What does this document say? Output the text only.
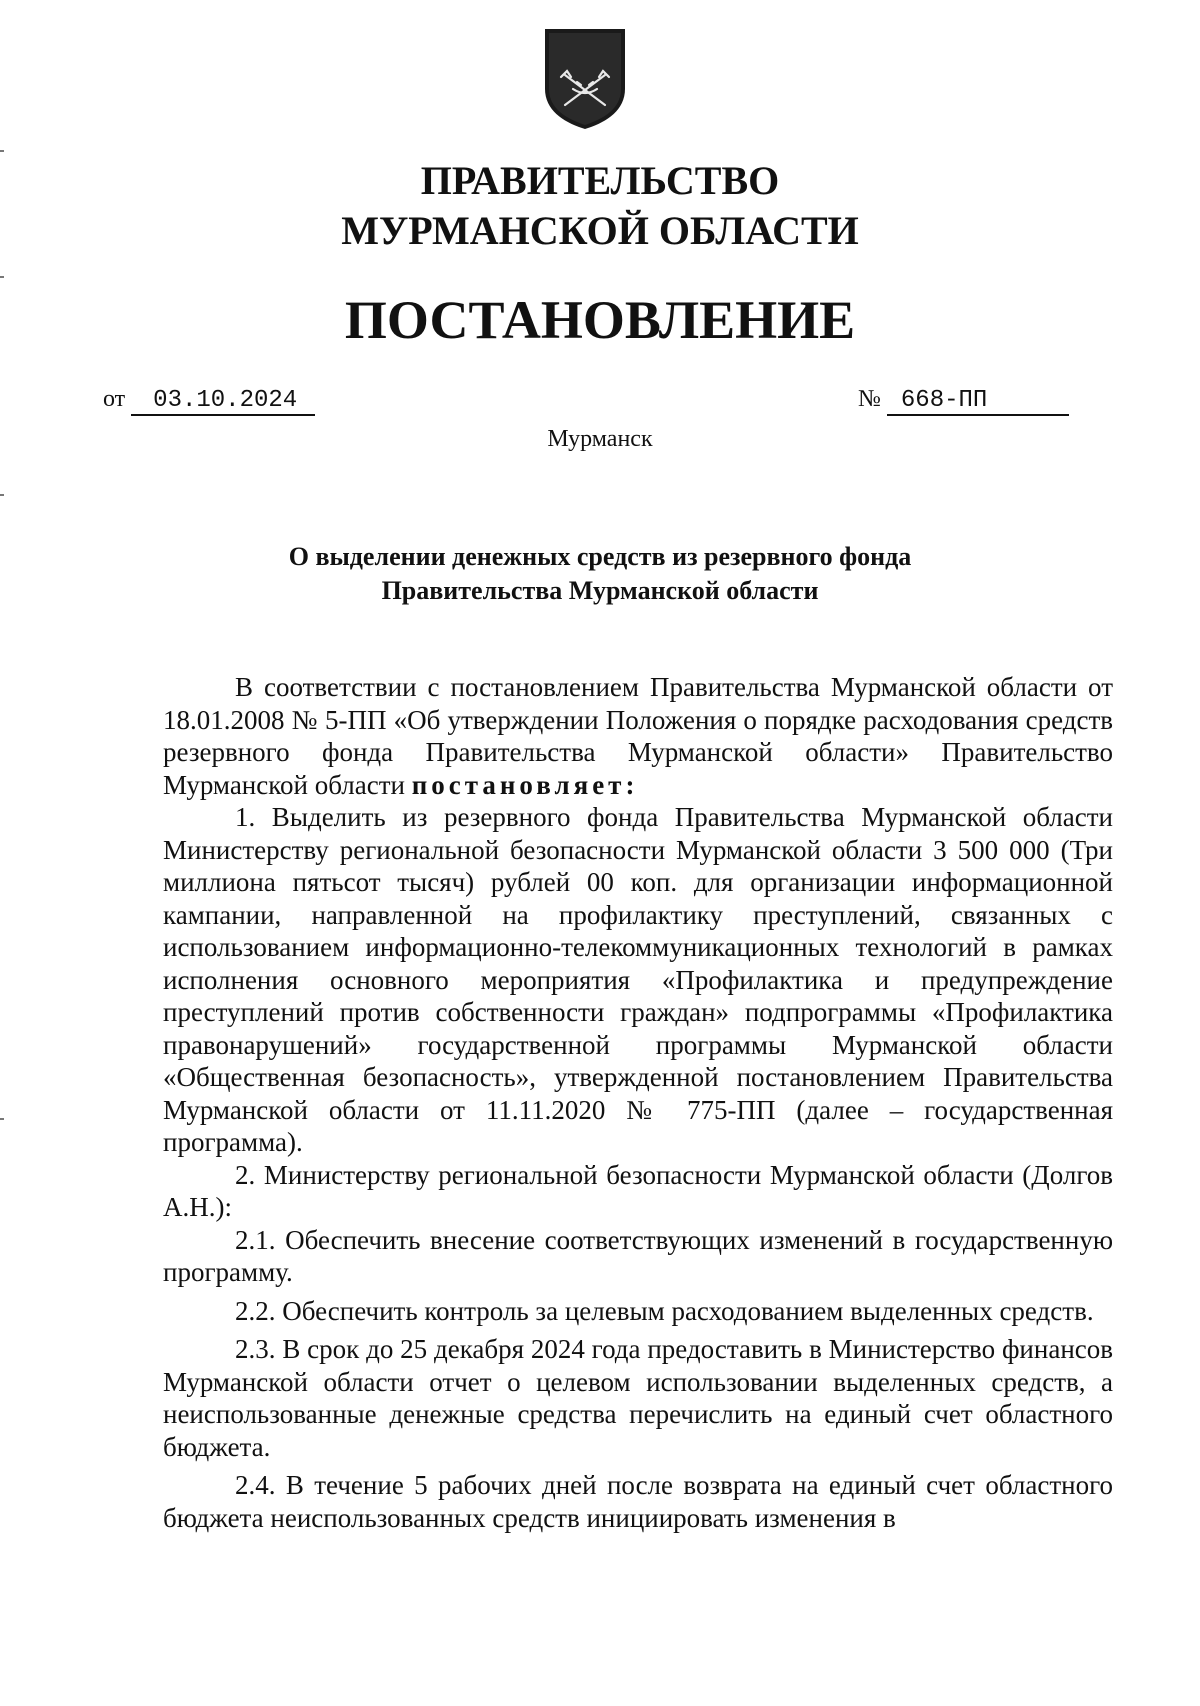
ПРАВИТЕЛЬСТВО
МУРМАНСКОЙ ОБЛАСТИ
ПОСТАНОВЛЕНИЕ
от 03.10.2024	№ 668-ПП
Мурманск
О выделении денежных средств из резервного фонда
Правительства Мурманской области

В соответствии с постановлением Правительства Мурманской области от 18.01.2008 № 5-ПП «Об утверждении Положения о порядке расходования средств резервного фонда Правительства Мурманской области» Правительство Мурманской области постановляет:

1. Выделить из резервного фонда Правительства Мурманской области Министерству региональной безопасности Мурманской области 3 500 000 (Три миллиона пятьсот тысяч) рублей 00 коп. для организации информационной кампании, направленной на профилактику преступлений, связанных с использованием информационно-телекоммуникационных технологий в рамках исполнения основного мероприятия «Профилактика и предупреждение преступлений против собственности граждан» подпрограммы «Профилактика правонарушений» государственной программы Мурманской области «Общественная безопасность», утвержденной постановлением Правительства Мурманской области от 11.11.2020 № 775-ПП (далее – государственная программа).

2. Министерству региональной безопасности Мурманской области (Долгов А.Н.):

2.1. Обеспечить внесение соответствующих изменений в государственную программу.

2.2. Обеспечить контроль за целевым расходованием выделенных средств.

2.3. В срок до 25 декабря 2024 года предоставить в Министерство финансов Мурманской области отчет о целевом использовании выделенных средств, а неиспользованные денежные средства перечислить на единый счет областного бюджета.

2.4. В течение 5 рабочих дней после возврата на единый счет областного бюджета неиспользованных средств инициировать изменения в
